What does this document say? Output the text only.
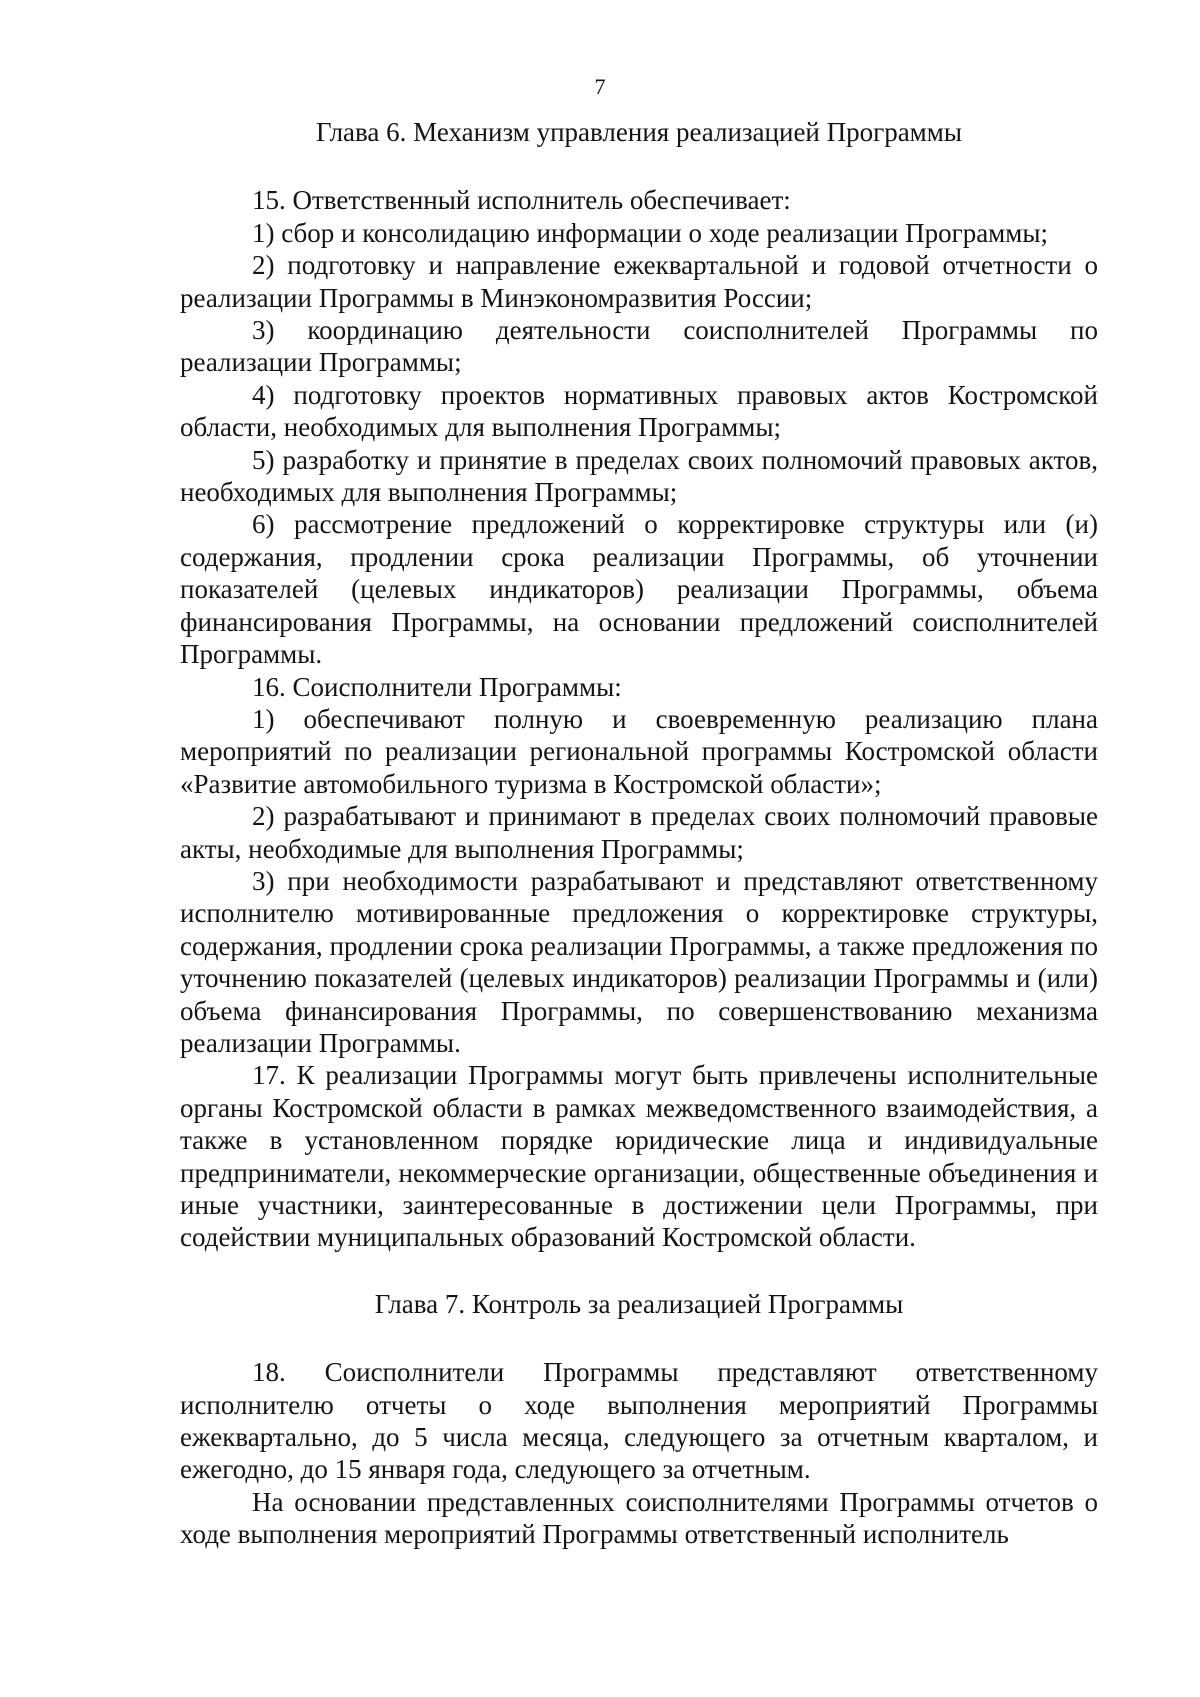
7
Глава 6. Механизм управления реализацией Программы

15. Ответственный исполнитель обеспечивает:

1) сбор и консолидацию информации о ходе реализации Программы;

2) подготовку и направление ежеквартальной и годовой отчетности о реализации Программы в Минэкономразвития России;

3) координацию деятельности соисполнителей Программы по реализации Программы;

4) подготовку проектов нормативных правовых актов Костромской области, необходимых для выполнения Программы;

5) разработку и принятие в пределах своих полномочий правовых актов, необходимых для выполнения Программы;

6) рассмотрение предложений о корректировке структуры или (и) содержания, продлении срока реализации Программы, об уточнении показателей (целевых индикаторов) реализации Программы, объема финансирования Программы, на основании предложений соисполнителей Программы.

16. Соисполнители Программы:

1) обеспечивают полную и своевременную реализацию плана мероприятий по реализации региональной программы Костромской области «Развитие автомобильного туризма в Костромской области»;

2) разрабатывают и принимают в пределах своих полномочий правовые акты, необходимые для выполнения Программы;

3) при необходимости разрабатывают и представляют ответственному исполнителю мотивированные предложения о корректировке структуры, содержания, продлении срока реализации Программы, а также предложения по уточнению показателей (целевых индикаторов) реализации Программы и (или) объема финансирования Программы, по совершенствованию механизма реализации Программы.

17. К реализации Программы могут быть привлечены исполнительные органы Костромской области в рамках межведомственного взаимодействия, а также в установленном порядке юридические лица и индивидуальные предприниматели, некоммерческие организации, общественные объединения и иные участники, заинтересованные в достижении цели Программы, при содействии муниципальных образований Костромской области.

Глава 7. Контроль за реализацией Программы

18. Соисполнители Программы представляют ответственному исполнителю отчеты о ходе выполнения мероприятий Программы ежеквартально, до 5 числа месяца, следующего за отчетным кварталом, и ежегодно, до 15 января года, следующего за отчетным.

На основании представленных соисполнителями Программы отчетов о ходе выполнения мероприятий Программы ответственный исполнитель
